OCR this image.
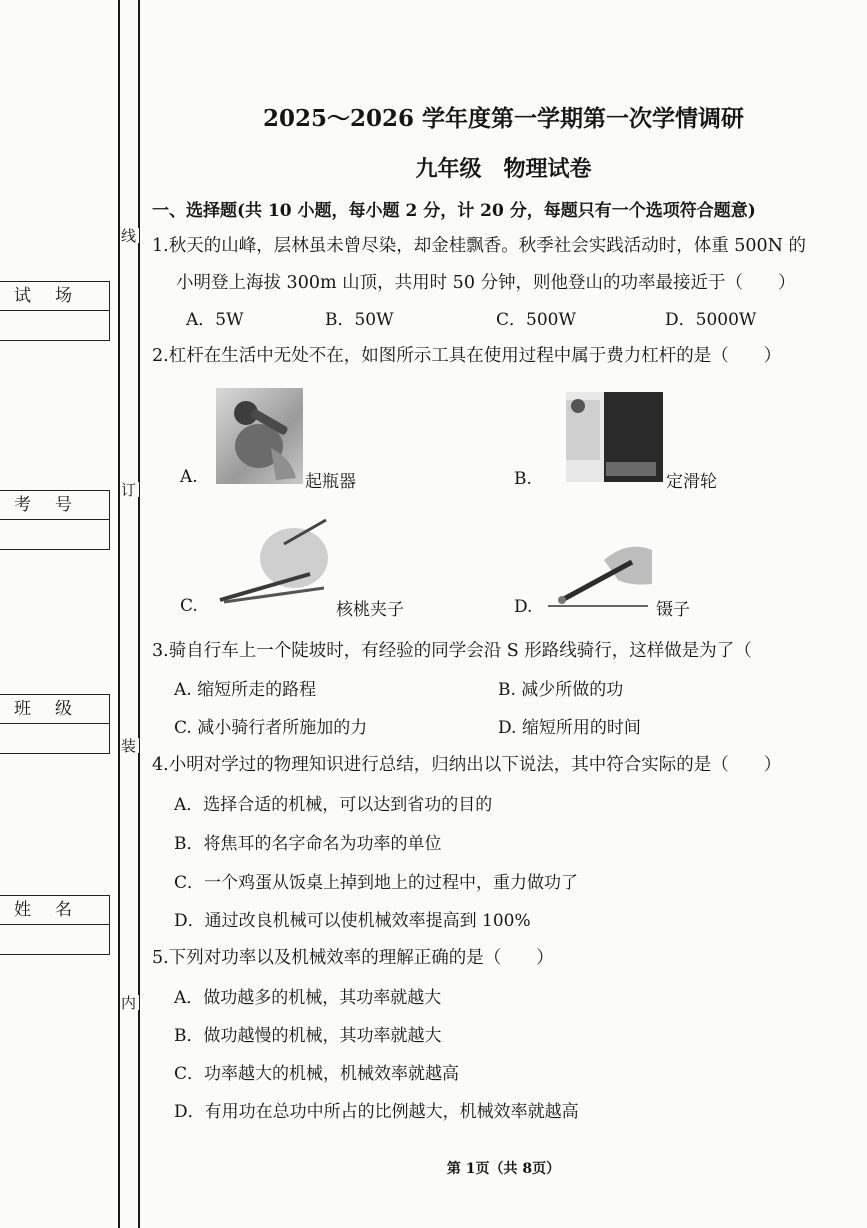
线
订
装
内
试场
考号
班级
姓名
2025～2026 学年度第一学期第一次学情调研
九年级　物理试卷
一、选择题(共 10 小题，每小题 2 分，计 20 分，每题只有一个选项符合题意)
1.秋天的山峰，层林虽未曾尽染，却金桂飘香。秋季社会实践活动时，体重 500N 的
小明登上海拔 300m 山顶，共用时 50 分钟，则他登山的功率最接近于（　　）
A．5W	B．50W	C．500W	D．5000W
2.杠杆在生活中无处不在，如图所示工具在使用过程中属于费力杠杆的是（　　）
A.	起瓶器	B.	定滑轮
C.	核桃夹子	D.	镊子
3.骑自行车上一个陡坡时，有经验的同学会沿 S 形路线骑行，这样做是为了（
A. 缩短所走的路程	B. 减少所做的功
C. 减小骑行者所施加的力	D. 缩短所用的时间
4.小明对学过的物理知识进行总结，归纳出以下说法，其中符合实际的是（　　）
A．选择合适的机械，可以达到省功的目的
B．将焦耳的名字命名为功率的单位
C．一个鸡蛋从饭桌上掉到地上的过程中，重力做功了
D．通过改良机械可以使机械效率提高到 100%
5.下列对功率以及机械效率的理解正确的是（　　）
A．做功越多的机械，其功率就越大
B．做功越慢的机械，其功率就越大
C．功率越大的机械，机械效率就越高
D．有用功在总功中所占的比例越大，机械效率就越高
第 1页（共 8页）
